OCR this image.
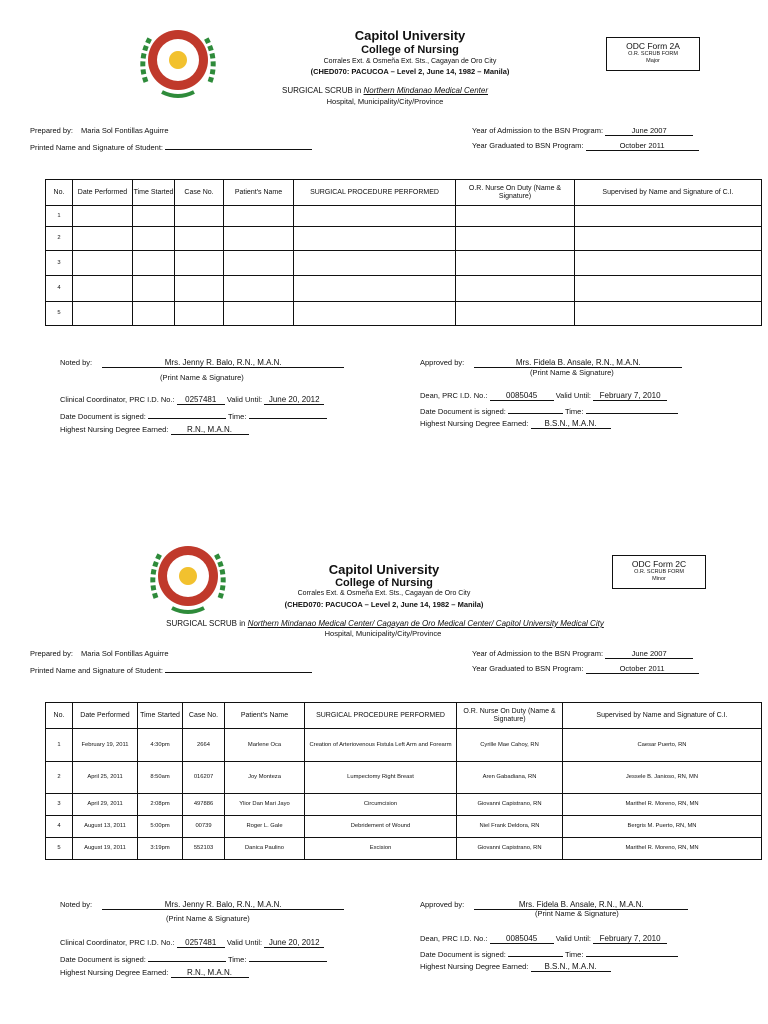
Capitol University
College of Nursing
Corrales Ext. & Osmeña Ext. Sts., Cagayan de Oro City
(CHED070: PACUCOA – Level 2, June 14, 1982 – Manila)
SURGICAL SCRUB in Northern Mindanao Medical Center
Hospital, Municipality/City/Province
ODC Form 2A
O.R. SCRUB FORM
Major
Prepared by: Maria Sol Fontillas Aguirre
Printed Name and Signature of Student:
Year of Admission to the BSN Program:	June 2007
Year Graduated to BSN Program:	October 2011
No.	Date Performed	Time Started	Case No.	Patient's Name	SURGICAL PROCEDURE PERFORMED	O.R. Nurse On Duty (Name & Signature)	Supervised by Name and Signature of C.I.
1							
2							
3							
4							
5							
Noted by:	Mrs. Jenny R. Balo, R.N., M.A.N.
(Print Name & Signature)
Clinical Coordinator, PRC I.D. No.: 0257481 Valid Until: June 20, 2012
Date Document is signed:	Time:
Highest Nursing Degree Earned: R.N., M.A.N.
Approved by:	Mrs. Fidela B. Ansale, R.N., M.A.N.
(Print Name & Signature)
Dean, PRC I.D. No.: 0085045 Valid Until: February 7, 2010
Date Document is signed:	Time:
Highest Nursing Degree Earned: B.S.N., M.A.N.
Capitol University
College of Nursing
Corrales Ext. & Osmeña Ext. Sts., Cagayan de Oro City
(CHED070: PACUCOA – Level 2, June 14, 1982 – Manila)
SURGICAL SCRUB in Northern Mindanao Medical Center/ Cagayan de Oro Medical Center/ Capitol University Medical City
Hospital, Municipality/City/Province
ODC Form 2C
O.R. SCRUB FORM
Minor
Prepared by: Maria Sol Fontillas Aguirre
Printed Name and Signature of Student:
Year of Admission to the BSN Program:	June 2007
Year Graduated to BSN Program:	October 2011
No.	Date Performed	Time Started	Case No.	Patient's Name	SURGICAL PROCEDURE PERFORMED	O.R. Nurse On Duty (Name & Signature)	Supervised by Name and Signature of C.I.
1	February 19, 2011	4:30pm	2664	Marlene Oca	Creation of Arteriovenous Fistula Left Arm and Forearm	Cyrille Mae Cahoy, RN	Caesar Puerto, RN
2	April 25, 2011	8:50am	016207	Joy Monteza	Lumpectomy Right Breast	Aren Gabadiana, RN	Jessele B. Janioso, RN, MN
3	April 29, 2011	2:08pm	497886	Ylior Dan Mari Jayo	Circumcision	Giovanni Capistrano, RN	Marithel R. Moreno, RN, MN
4	August 13, 2011	5:00pm	00739	Roger L. Gale	Debridement of Wound	Niel Frank Deldora, RN	Bergris M. Puerto, RN, MN
5	August 19, 2011	3:19pm	552103	Danica Paulino	Excision	Giovanni Capistrano, RN	Marithel R. Moreno, RN, MN
Noted by:	Mrs. Jenny R. Balo, R.N., M.A.N.
(Print Name & Signature)
Clinical Coordinator, PRC I.D. No.: 0257481 Valid Until: June 20, 2012
Date Document is signed:	Time:
Highest Nursing Degree Earned: R.N., M.A.N.
Approved by:	Mrs. Fidela B. Ansale, R.N., M.A.N.
(Print Name & Signature)
Dean, PRC I.D. No.: 0085045 Valid Until: February 7, 2010
Date Document is signed:	Time:
Highest Nursing Degree Earned: B.S.N., M.A.N.
